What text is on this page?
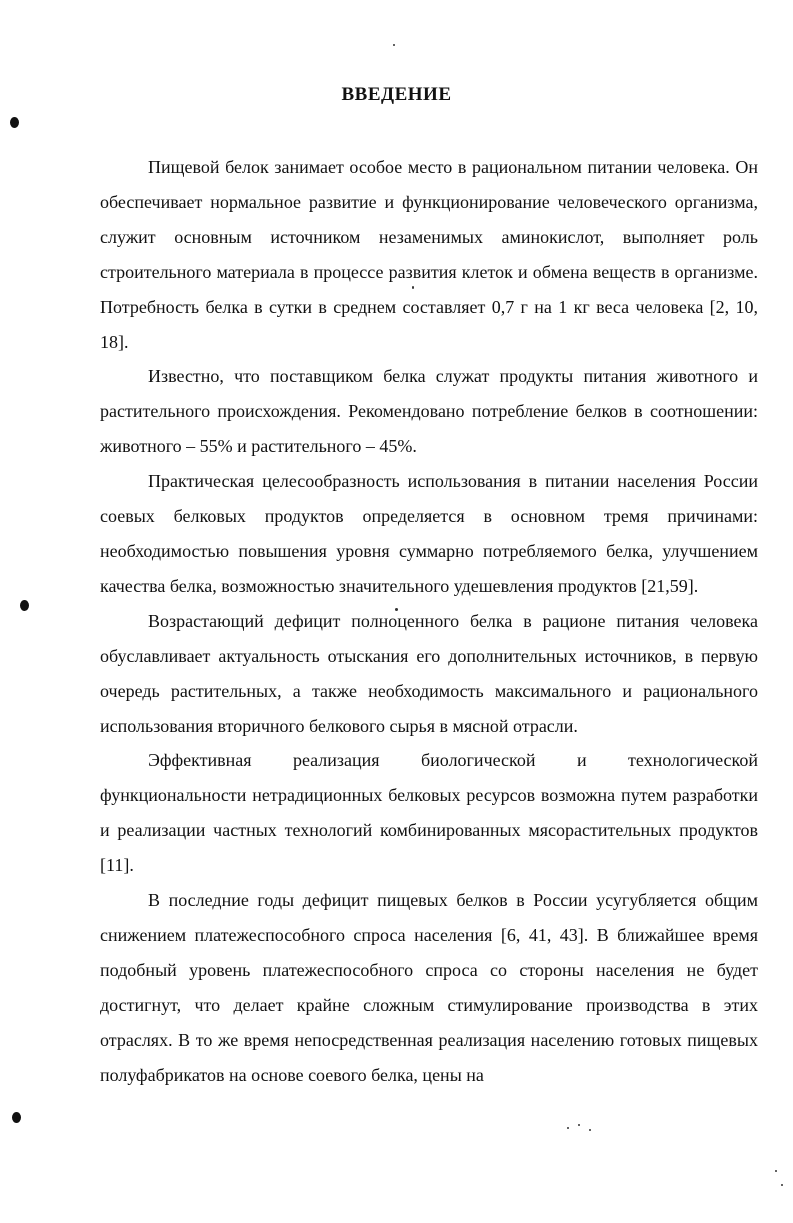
ВВЕДЕНИЕ

Пищевой белок занимает особое место в рациональном питании человека. Он обеспечивает нормальное развитие и функционирование человеческого организма, служит основным источником незаменимых аминокислот, выполняет роль строительного материала в процессе развития клеток и обмена веществ в организме. Потребность белка в сутки в среднем составляет 0,7 г на 1 кг веса человека [2, 10, 18].

Известно, что поставщиком белка служат продукты питания животного и растительного происхождения. Рекомендовано потребление белков в соотношении: животного – 55% и растительного – 45%.

Практическая целесообразность использования в питании населения России соевых белковых продуктов определяется в основном тремя причинами: необходимостью повышения уровня суммарно потребляемого белка, улучшением качества белка, возможностью значительного удешевления продуктов [21,59].

Возрастающий дефицит полноценного белка в рационе питания человека обуславливает актуальность отыскания его дополнительных источников, в первую очередь растительных, а также необходимость максимального и рационального использования вторичного белкового сырья в мясной отрасли.

Эффективная реализация биологической и технологической функциональности нетрадиционных белковых ресурсов возможна путем разработки и реализации частных технологий комбинированных мясорастительных продуктов [11].

В последние годы дефицит пищевых белков в России усугубляется общим снижением платежеспособного спроса населения [6, 41, 43]. В ближайшее время подобный уровень платежеспособного спроса со стороны населения не будет достигнут, что делает крайне сложным стимулирование производства в этих отраслях. В то же время непосредственная реализация населению готовых пищевых полуфабрикатов на основе соевого белка, цены на
